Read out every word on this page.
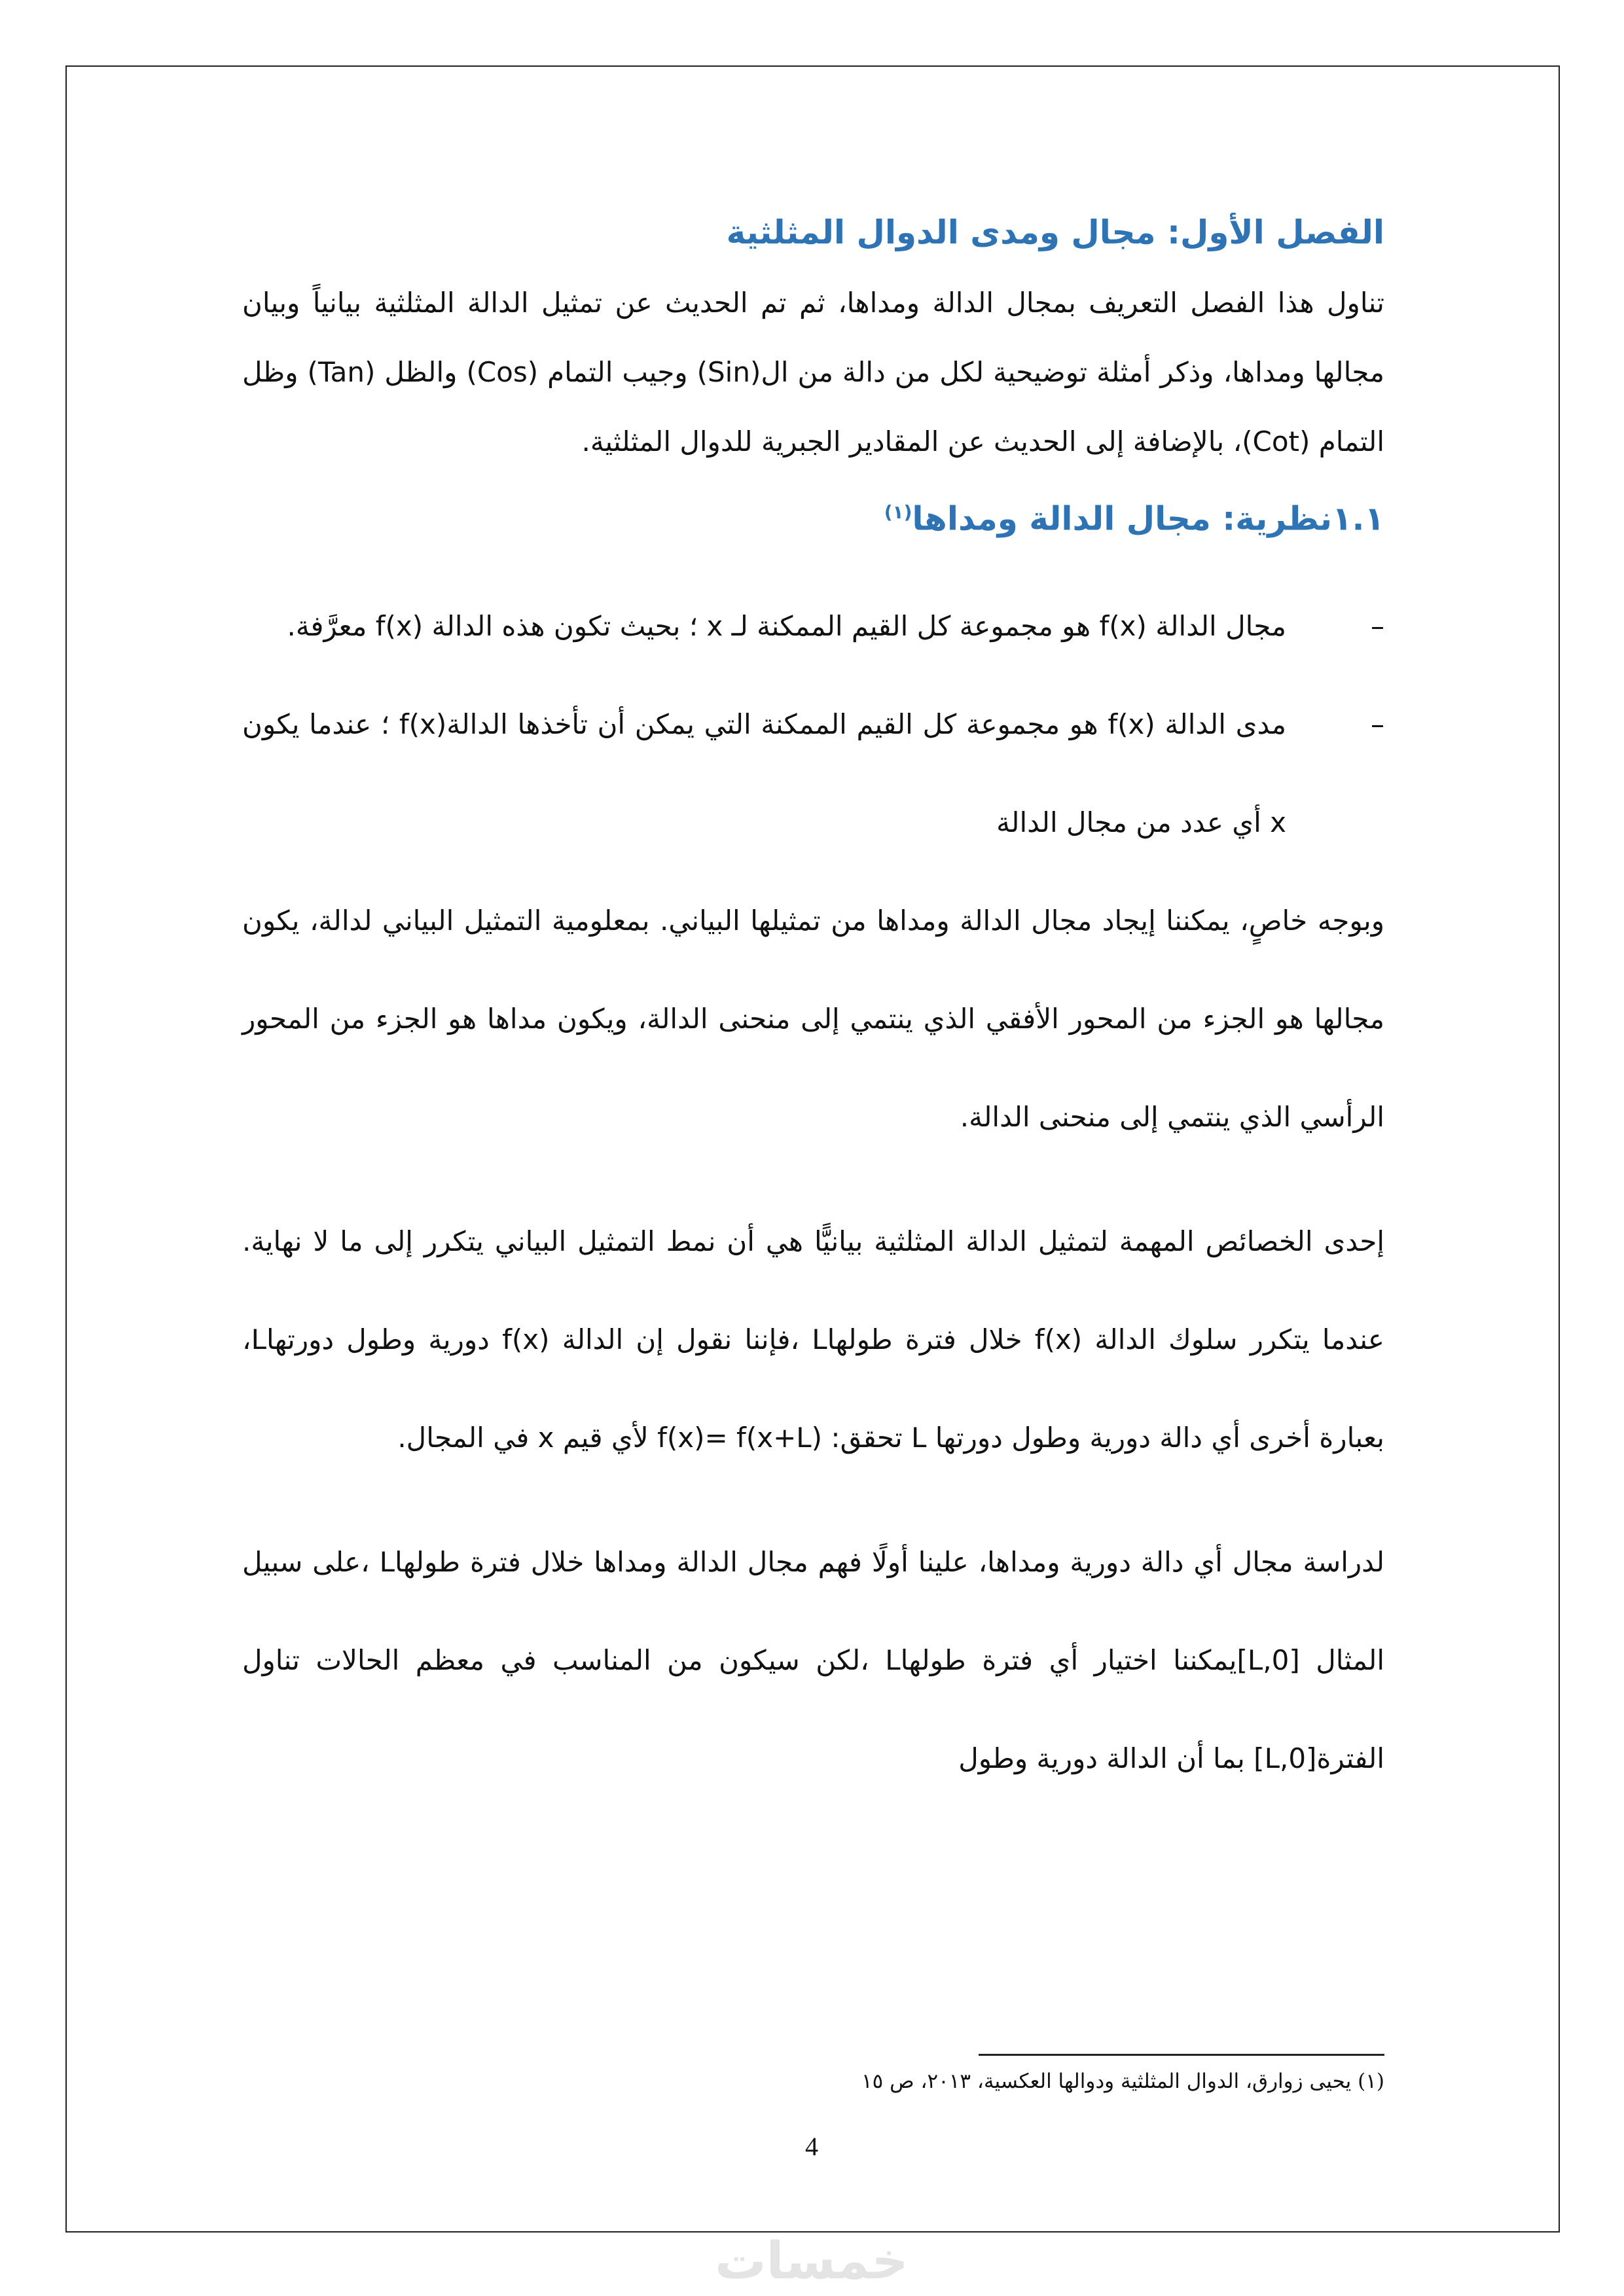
الفصل الأول: مجال ومدى الدوال المثلثية

تناول هذا الفصل التعريف بمجال الدالة ومداها، ثم تم الحديث عن تمثيل الدالة المثلثية بيانياً وبيان مجالها ومداها، وذكر أمثلة توضيحية لكل من دالة من ال(Sin) وجيب التمام (Cos) والظل (Tan) وظل التمام (Cot)، بالإضافة إلى الحديث عن المقادير الجبرية للدوال المثلثية.

١.١نظرية: مجال الدالة ومداها$^{(١)}$
–
مجال الدالة f(x) هو مجموعة كل القيم الممكنة لـ x ؛ بحيث تكون هذه الدالة f(x) معرَّفة.
–
مدى الدالة f(x) هو مجموعة كل القيم الممكنة التي يمكن أن تأخذها الدالةf(x) ؛ عندما يكون x أي عدد من مجال الدالة

وبوجه خاصٍ، يمكننا إيجاد مجال الدالة ومداها من تمثيلها البياني. بمعلومية التمثيل البياني لدالة، يكون مجالها هو الجزء من المحور الأفقي الذي ينتمي إلى منحنى الدالة، ويكون مداها هو الجزء من المحور الرأسي الذي ينتمي إلى منحنى الدالة.

إحدى الخصائص المهمة لتمثيل الدالة المثلثية بيانيًّا هي أن نمط التمثيل البياني يتكرر إلى ما لا نهاية. عندما يتكرر سلوك الدالة f(x) خلال فترة طولهاL ،فإننا نقول إن الدالة f(x) دورية وطول دورتهاL، بعبارة أخرى أي دالة دورية وطول دورتها L تحقق: f(x)= f(x+L) لأي قيم x في المجال.

لدراسة مجال أي دالة دورية ومداها، علينا أولًا فهم مجال الدالة ومداها خلال فترة طولهاL ،على سبيل المثال [L,0]يمكننا اختيار أي فترة طولهاL ،لكن سيكون من المناسب في معظم الحالات تناول الفترة[L,0] بما أن الدالة دورية وطول

(١) يحيى زوارق، الدوال المثلثية ودوالها العكسية، ٢٠١٣، ص ١٥
4
خمسات
